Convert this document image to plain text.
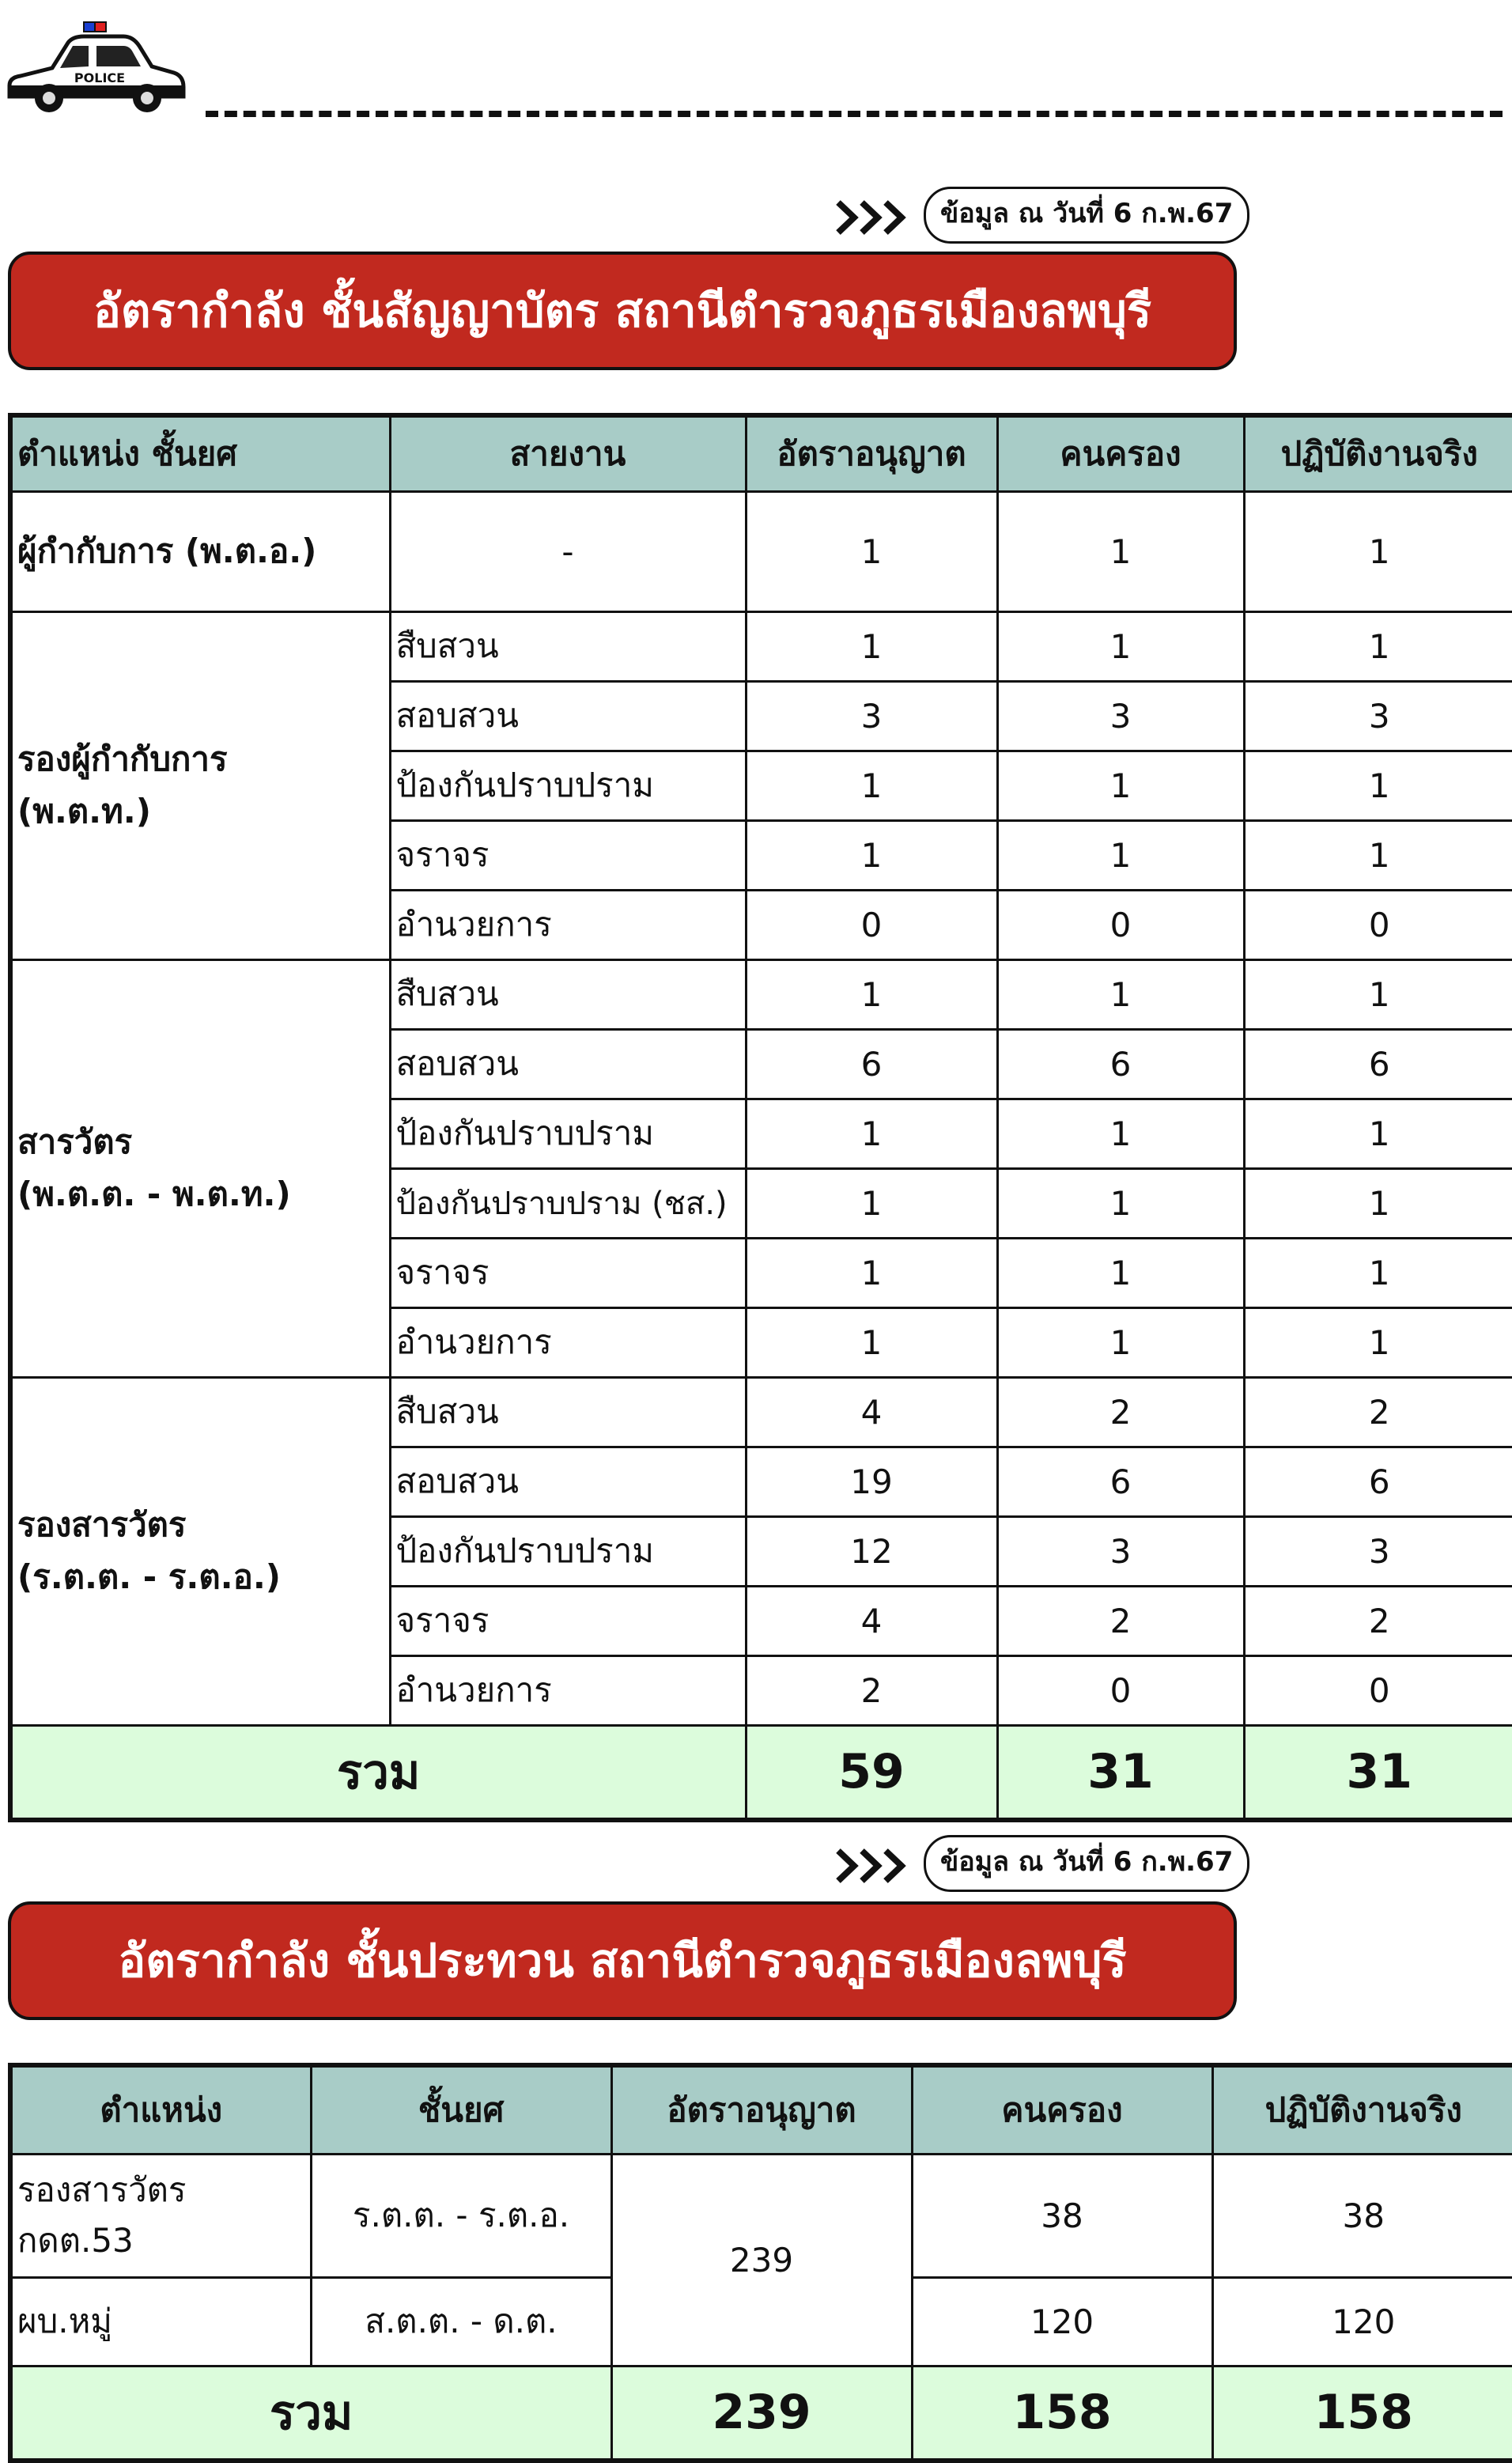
POLICE
ข้อมูล ณ วันที่ 6 ก.พ.67
อัตรากำลัง ชั้นสัญญาบัตร สถานีตำรวจภูธรเมืองลพบุรี
ตำแหน่ง ชั้นยศ	สายงาน	อัตราอนุญาต	คนครอง	ปฏิบัติงานจริง
ผู้กำกับการ (พ.ต.อ.)	-	1	1	1
รองผู้กำกับการ
(พ.ต.ท.)	สืบสวน	1	1	1
	สอบสวน	3	3	3
	ป้องกันปราบปราม	1	1	1
	จราจร	1	1	1
	อำนวยการ	0	0	0
สารวัตร
(พ.ต.ต. - พ.ต.ท.)	สืบสวน	1	1	1
	สอบสวน	6	6	6
	ป้องกันปราบปราม	1	1	1
	ป้องกันปราบปราม (ชส.)	1	1	1
	จราจร	1	1	1
	อำนวยการ	1	1	1
รองสารวัตร
(ร.ต.ต. - ร.ต.อ.)	สืบสวน	4	2	2
	สอบสวน	19	6	6
	ป้องกันปราบปราม	12	3	3
	จราจร	4	2	2
	อำนวยการ	2	0	0
รวม		59	31	31
ข้อมูล ณ วันที่ 6 ก.พ.67
อัตรากำลัง ชั้นประทวน สถานีตำรวจภูธรเมืองลพบุรี
ตำแหน่ง	ชั้นยศ	อัตราอนุญาต	คนครอง	ปฏิบัติงานจริง
รองสารวัตร
กดต.53	ร.ต.ต. - ร.ต.อ.	239	38	38
ผบ.หมู่	ส.ต.ต. - ด.ต.		120	120
รวม		239	158	158
